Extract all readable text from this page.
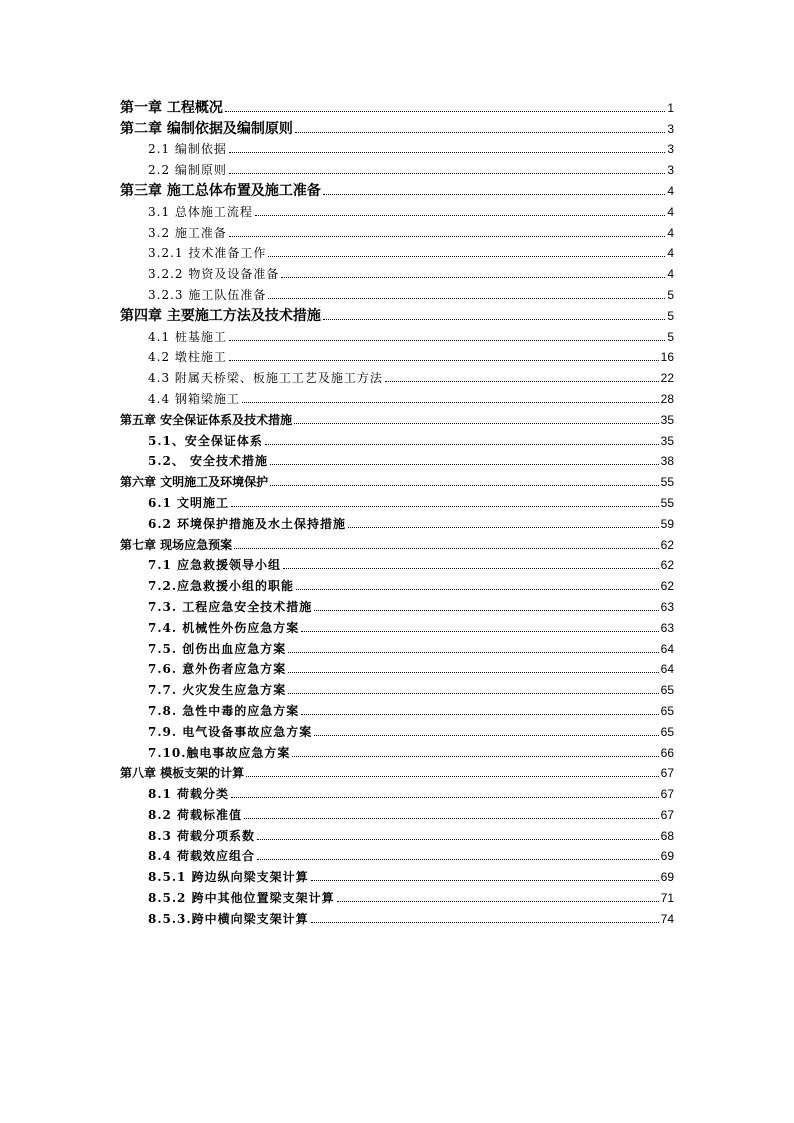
第一章 工程概况	1
第二章 编制依据及编制原则	3
2.1 编制依据	3
2.2 编制原则	3
第三章 施工总体布置及施工准备	4
3.1 总体施工流程	4
3.2 施工准备	4
3.2.1 技术准备工作	4
3.2.2 物资及设备准备	4
3.2.3 施工队伍准备	5
第四章 主要施工方法及技术措施	5
4.1 桩基施工	5
4.2 墩柱施工	16
4.3 附属天桥梁、板施工工艺及施工方法	22
4.4 钢箱梁施工	28
第五章 安全保证体系及技术措施	35
5.1、安全保证体系	35
5.2、 安全技术措施	38
第六章 文明施工及环境保护	55
6.1 文明施工	55
6.2 环境保护措施及水土保持措施	59
第七章 现场应急预案	62
7.1 应急救援领导小组	62
7.2.应急救援小组的职能	62
7.3. 工程应急安全技术措施	63
7.4. 机械性外伤应急方案	63
7.5. 创伤出血应急方案	64
7.6. 意外伤者应急方案	64
7.7. 火灾发生应急方案	65
7.8. 急性中毒的应急方案	65
7.9. 电气设备事故应急方案	65
7.10.触电事故应急方案	66
第八章 模板支架的计算	67
8.1 荷载分类	67
8.2 荷载标准值	67
8.3 荷载分项系数	68
8.4 荷载效应组合	69
8.5.1 跨边纵向梁支架计算	69
8.5.2 跨中其他位置梁支架计算	71
8.5.3.跨中横向梁支架计算	74
